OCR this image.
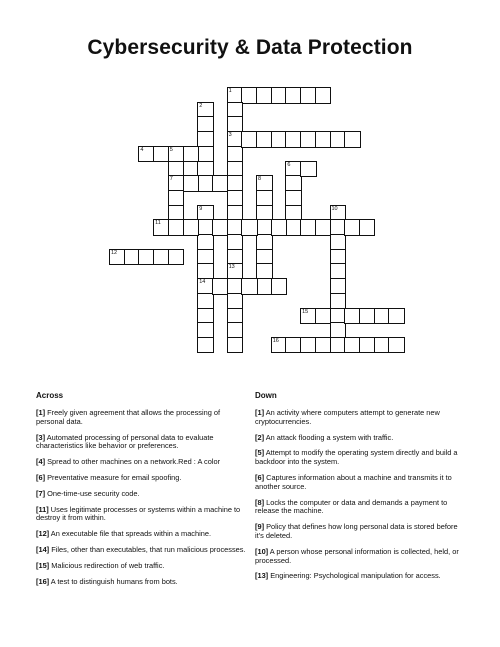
Cybersecurity & Data Protection
1
3
13
2
4	5
7
6
8
9
14
10
11
12
15
16
Across	Down
[1] Freely given agreement that allows the processing of personal data.
[3] Automated processing of personal data to evaluate characteristics like behavior or preferences.
[4] Spread to other machines on a network.Red : A color
[6] Preventative measure for email spoofing.
[7] One-time-use security code.
[11] Uses legitimate processes or systems within a machine to destroy it from within.
[12] An executable file that spreads within a machine.
[14] Files, other than executables, that run malicious processes.
[15] Malicious redirection of web traffic.
[16] A test to distinguish humans from bots.
[1] An activity where computers attempt to generate new cryptocurrencies.
[2] An attack flooding a system with traffic.
[5] Attempt to modify the operating system directly and build a backdoor into the system.
[6] Captures information about a machine and transmits it to another source.
[8] Locks the computer or data and demands a payment to release the machine.
[9] Policy that defines how long personal data is stored before it's deleted.
[10] A person whose personal information is collected, held, or processed.
[13] Engineering: Psychological manipulation for access.
